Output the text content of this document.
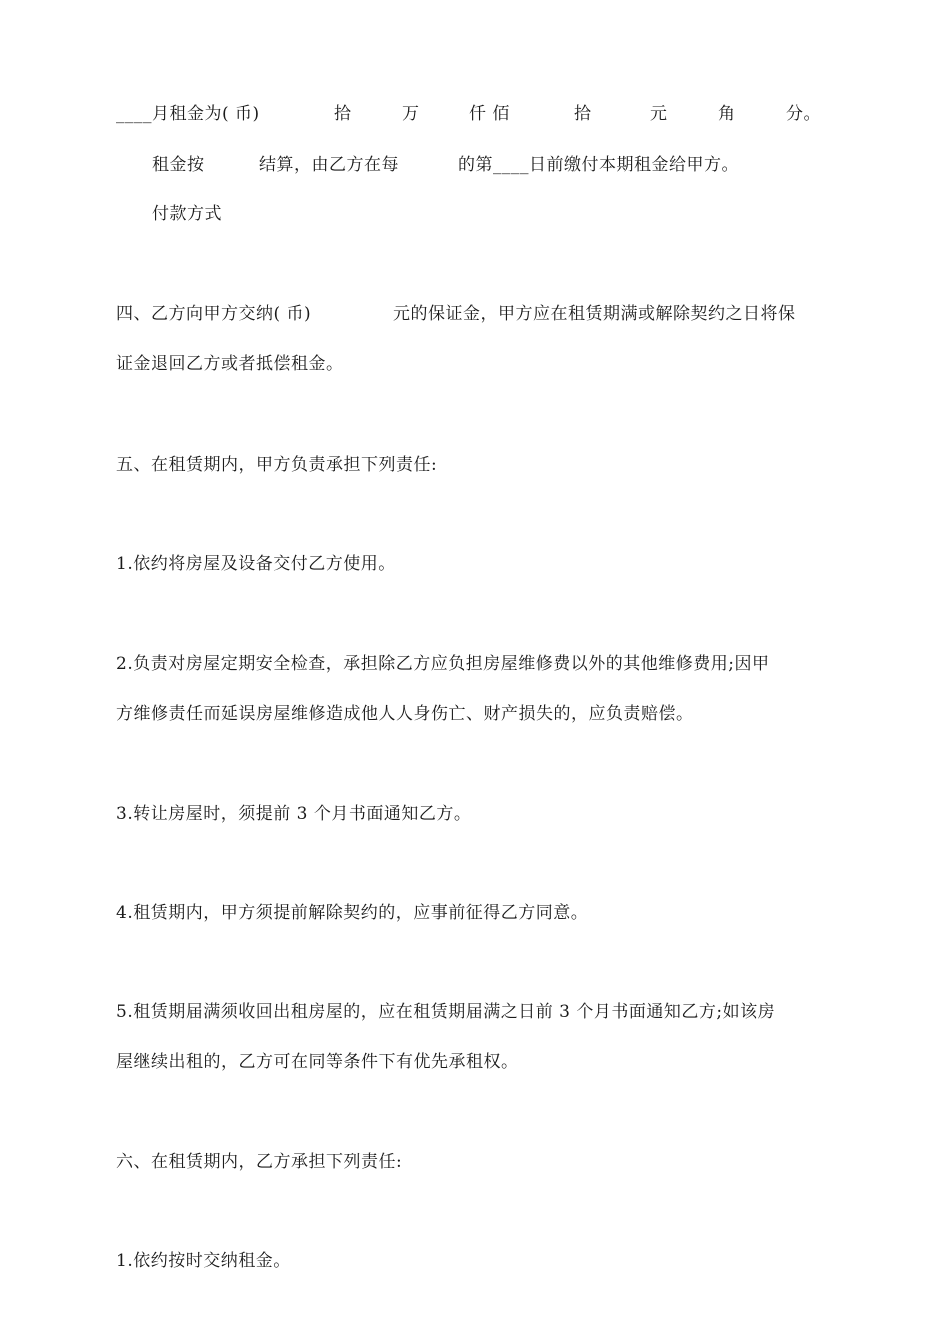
____ 月租金为( 币)	拾	万	仟 佰	拾	元	角	分。
租金按	结算，由乙方在每	的第____日前缴付本期租金给甲方。
付款方式
四、乙方向甲方交纳( 币)	元的保证金，甲方应在租赁期满或解除契约之日将保
证金退回乙方或者抵偿租金。
五、在租赁期内，甲方负责承担下列责任:
1.依约将房屋及设备交付乙方使用。
2.负责对房屋定期安全检查，承担除乙方应负担房屋维修费以外的其他维修费用;因甲
方维修责任而延误房屋维修造成他人人身伤亡、财产损失的，应负责赔偿。
3.转让房屋时，须提前 3 个月书面通知乙方。
4.租赁期内，甲方须提前解除契约的，应事前征得乙方同意。
5.租赁期届满须收回出租房屋的，应在租赁期届满之日前 3 个月书面通知乙方;如该房
屋继续出租的，乙方可在同等条件下有优先承租权。
六、在租赁期内，乙方承担下列责任:
1.依约按时交纳租金。
